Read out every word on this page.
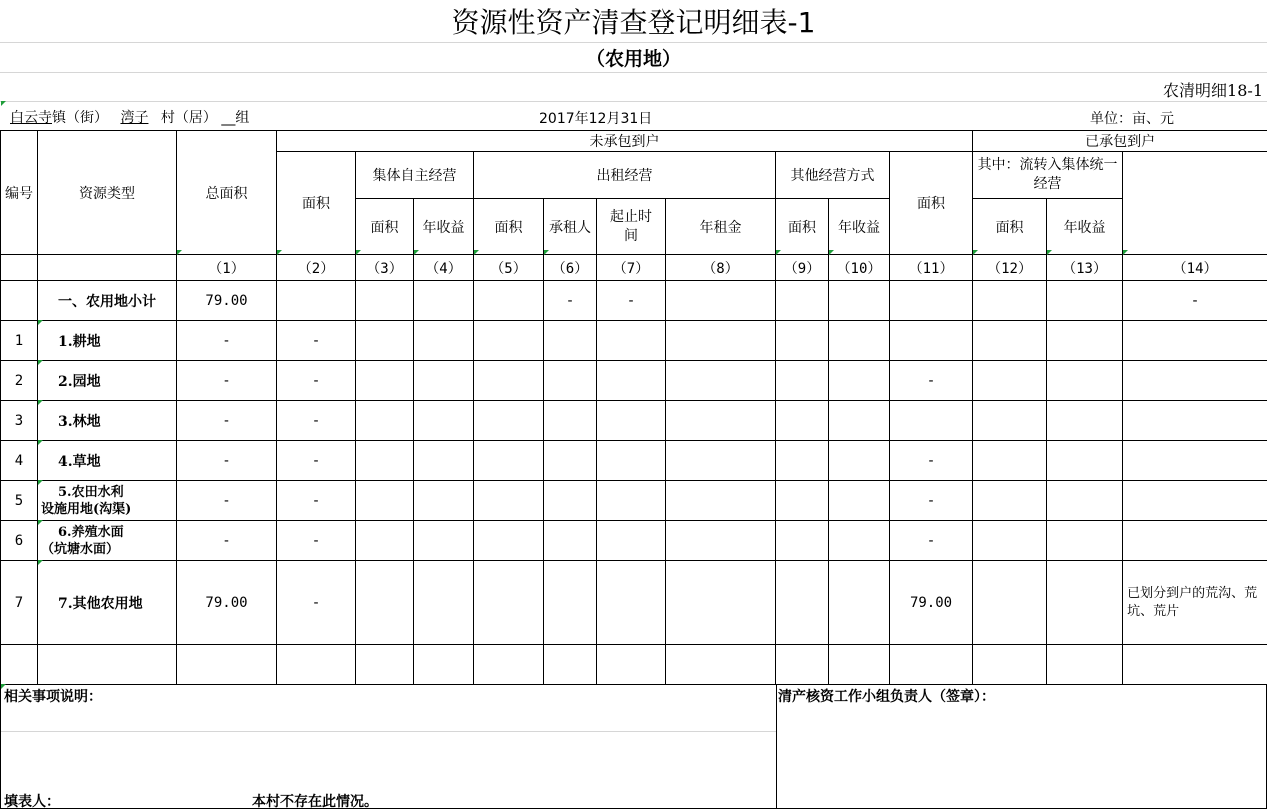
资源性资产清查登记明细表-1
（农用地）
农清明细18-1
白云寺镇（街） 湾子 村（居） __组	2017年12月31日	单位：亩、元
编号	资源类型	总面积	未承包到户										已承包到户	
			面积	集体自主经营		出租经营				其他经营方式		面积	其中：流转入集体统一经营			
				面积	年收益	面积	承租人	起止时间	年租金	面积	年收益		面积	年收益		
		（1）	（2）	（3）	（4）	（5）	（6）	（7）	（8）	（9）	（10）	（11）	（12）	（13）	（14）	
	一、农用地小计	79.00					-	-							-	
1	1.耕地	-	-													
2	2.园地	-	-									-				
3	3.林地	-	-													
4	4.草地	-	-									-				
5	5.农田水利
设施用地(沟渠)	-	-									-				
6	6.养殖水面
（坑塘水面）	-	-									-				
7	7.其他农用地	79.00	-									79.00			已划分到户的荒沟、荒坑、荒片	

相关事项说明：
填表人：	本村不存在此情况。
清产核资工作小组负责人（签章）：
